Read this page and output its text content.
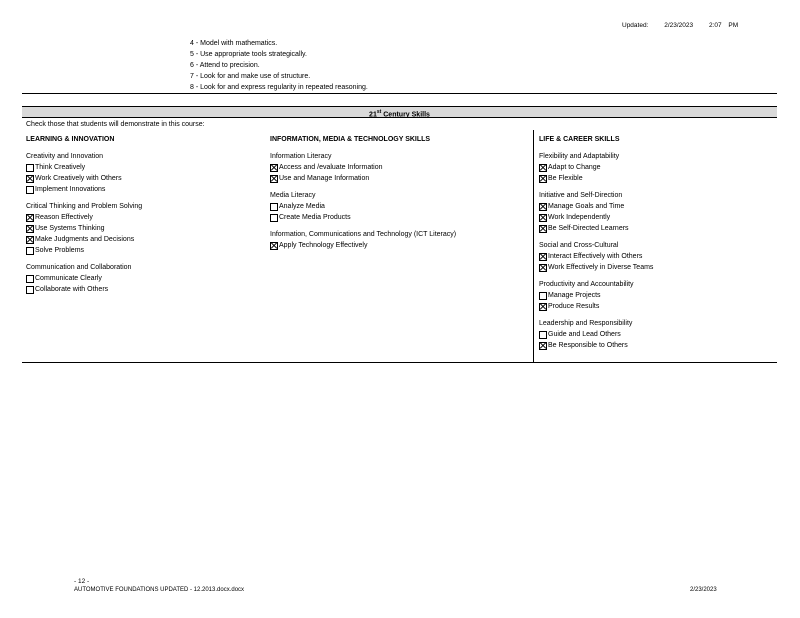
Updated: 2/23/2023 2:07 PM
4 - Model with mathematics.
5 - Use appropriate tools strategically.
6 - Attend to precision.
7 - Look for and make use of structure.
8 - Look for and express regularity in repeated reasoning.
21st Century Skills
Check those that students will demonstrate in this course:
LEARNING & INNOVATION
Creativity and Innovation
Think Creatively
Work Creatively with Others
Implement Innovations
Critical Thinking and Problem Solving
Reason Effectively
Use Systems Thinking
Make Judgments and Decisions
Solve Problems
Communication and Collaboration
Communicate Clearly
Collaborate with Others
INFORMATION, MEDIA & TECHNOLOGY SKILLS
Information Literacy
Access and /evaluate Information
Use and Manage Information
Media Literacy
Analyze Media
Create Media Products
Information, Communications and Technology (ICT Literacy)
Apply Technology Effectively
LIFE & CAREER SKILLS
Flexibility and Adaptability
Adapt to Change
Be Flexible
Initiative and Self-Direction
Manage Goals and Time
Work Independently
Be Self-Directed Learners
Social and Cross-Cultural
Interact Effectively with Others
Work Effectively in Diverse Teams
Productivity and Accountability
Manage Projects
Produce Results
Leadership and Responsibility
Guide and Lead Others
Be Responsible to Others
- 12 -
AUTOMOTIVE FOUNDATIONS UPDATED - 12.2013.docx.docx	2/23/2023
